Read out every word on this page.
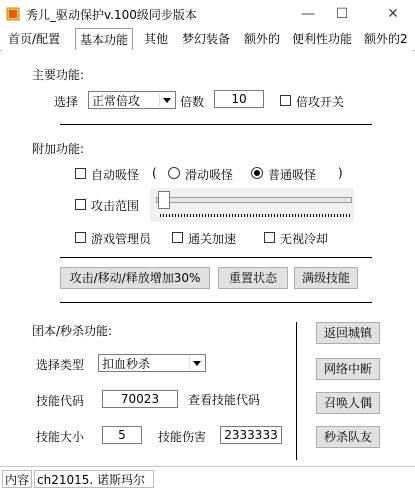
秀儿_驱动保护v.100级同步版本	—	☐	✕
首页/配置	基本功能	其他	梦幻装备	额外的 便利性功能 额外的2
主要功能:
选择	正常倍攻	倍数	10	倍攻开关
附加功能:
自动吸怪 ( 滑动吸怪	普通吸怪 )
攻击范围
游戏管理员	通关加速	无视冷却
攻击/移动/释放增加30%	重置状态	满级技能
团本/秒杀功能:
选择类型	扣血秒杀
技能代码	70023	查看技能代码
技能大小	5	技能伤害	2333333
返回城镇
网络中断
召唤人偶
秒杀队友
内容 ch21015. 诺斯玛尔
